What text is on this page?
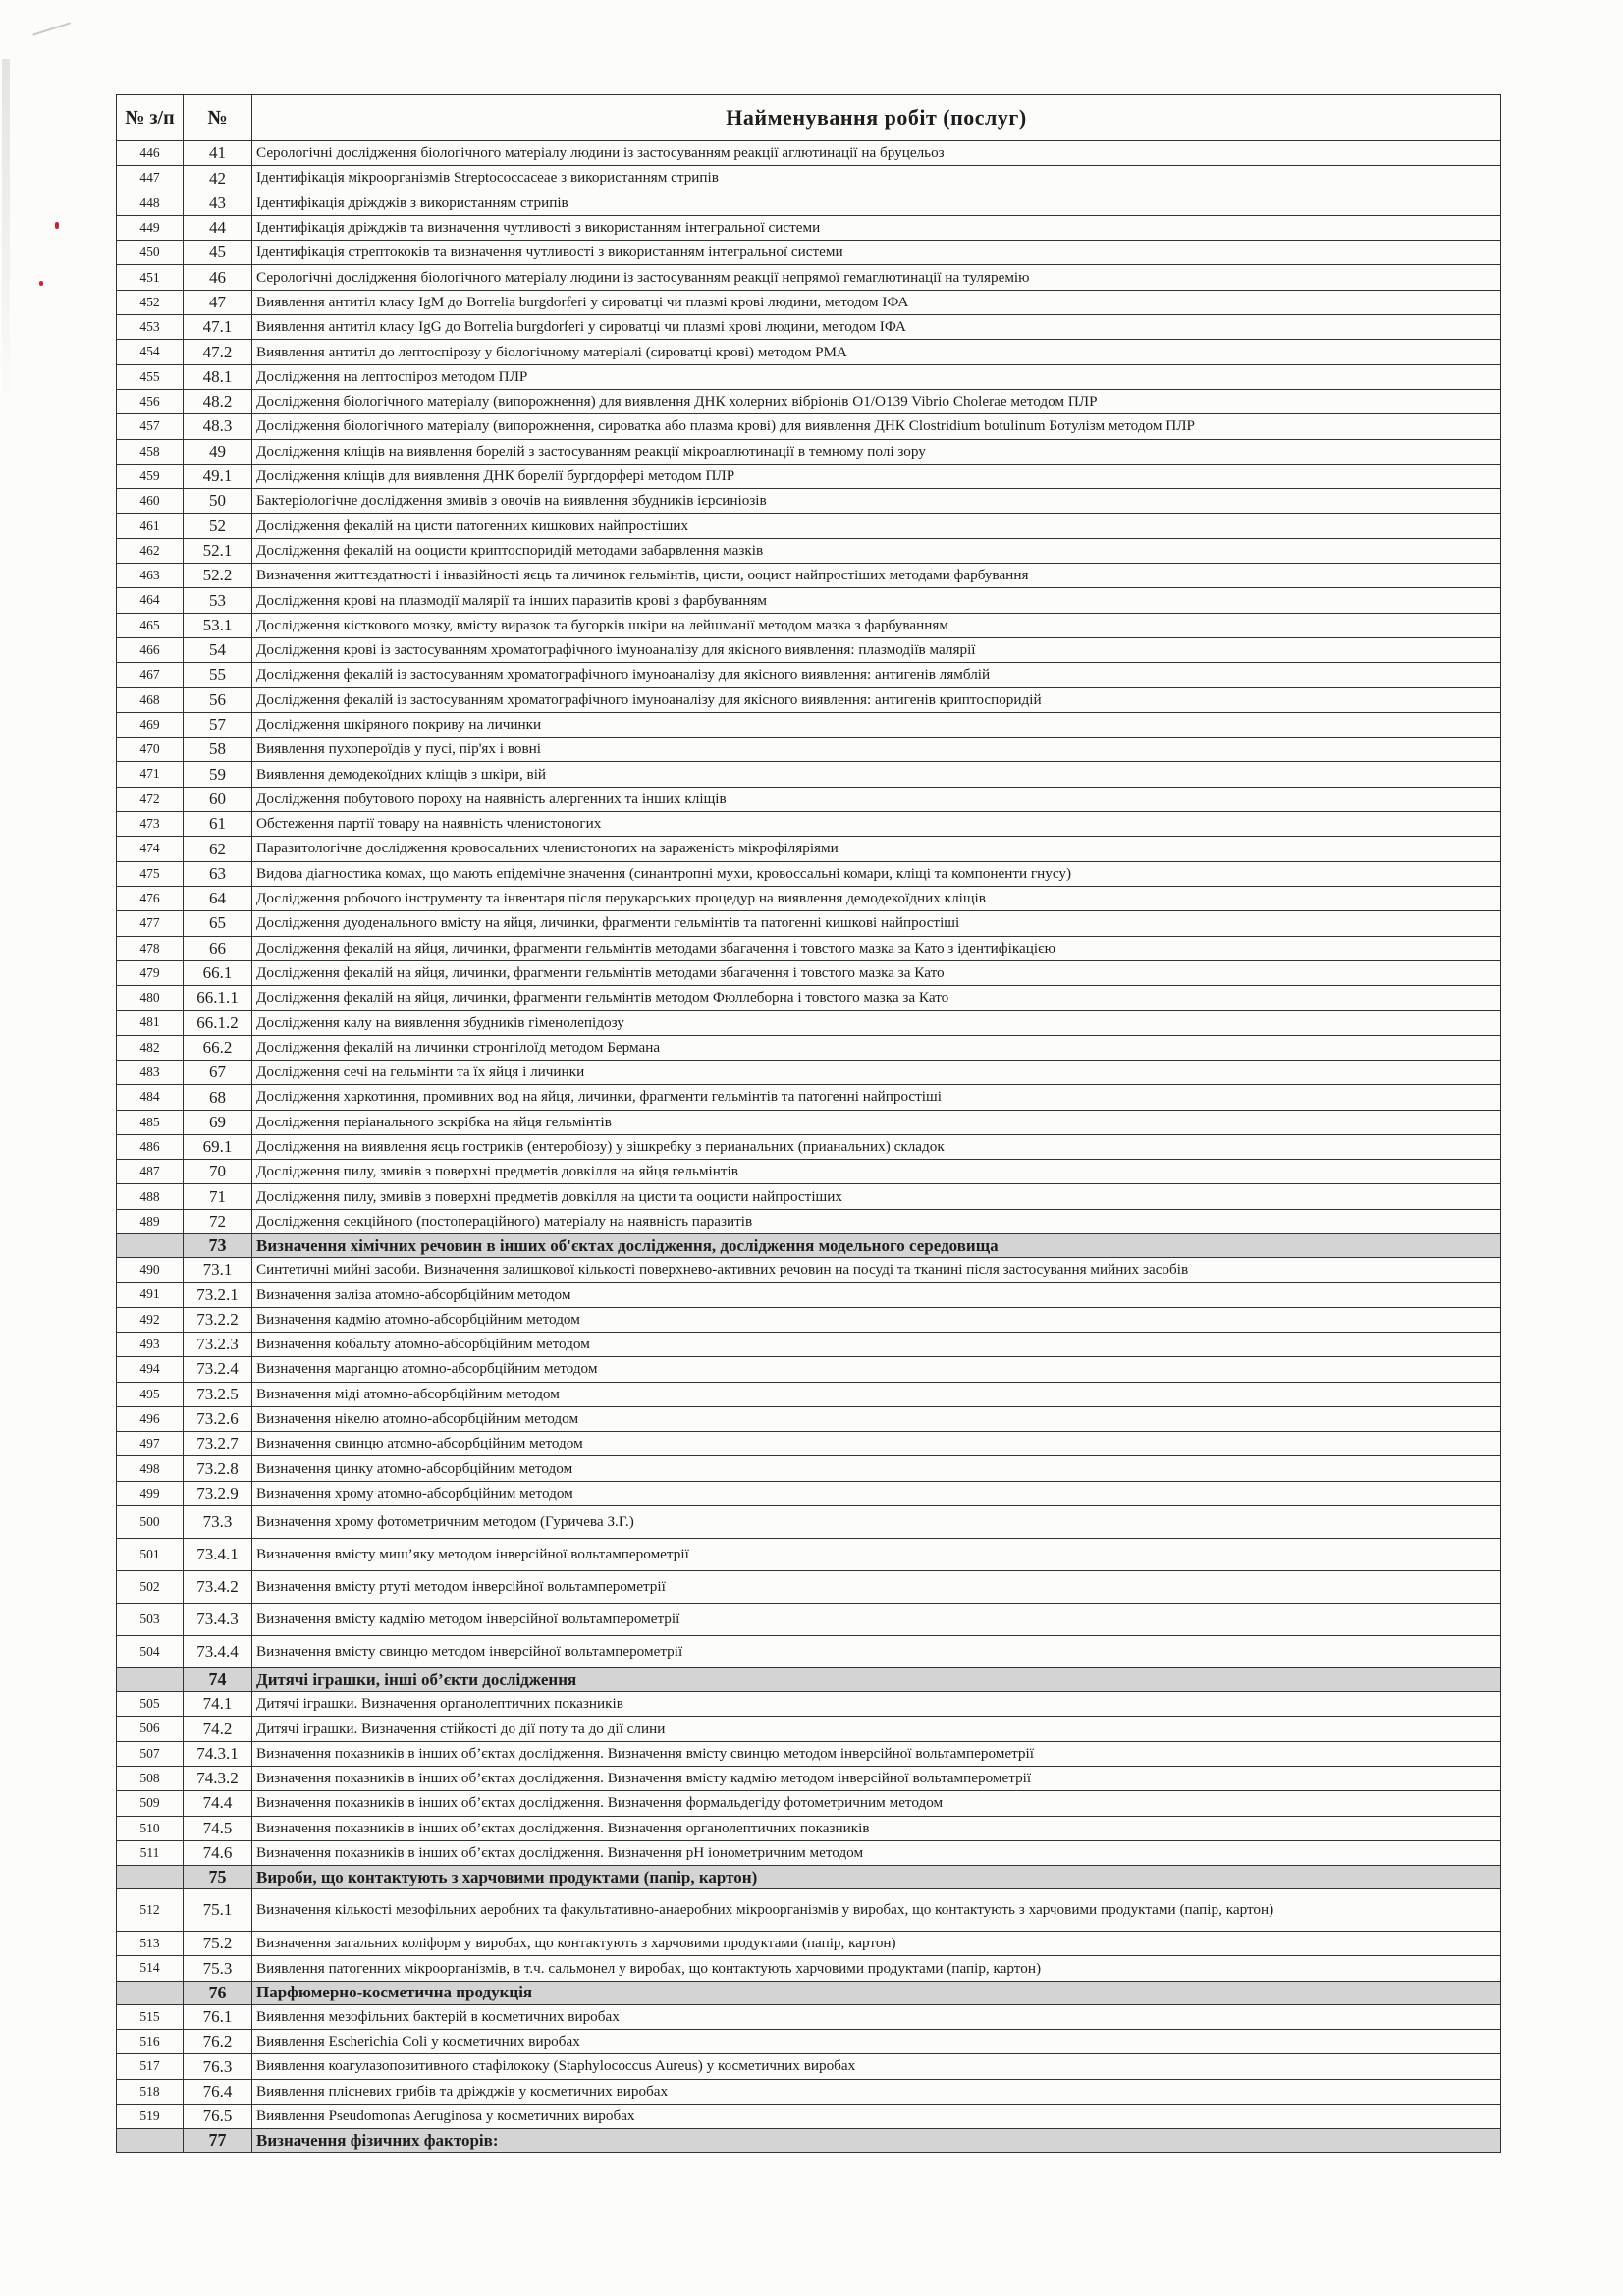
№ з/п	№	Найменування робіт (послуг)
446	41	Серологічні дослідження біологічного матеріалу людини із застосуванням реакції аглютинації на бруцельоз
447	42	Ідентифікація мікроорганізмів Streptococcaceae з використанням стрипів
448	43	Ідентифікація дріжджів з використанням стрипів
449	44	Ідентифікація дріжджів та визначення чутливості з використанням інтегральної системи
450	45	Ідентифікація стрептококів та визначення чутливості з використанням інтегральної системи
451	46	Серологічні дослідження біологічного матеріалу людини із застосуванням реакції непрямої гемаглютинації на туляремію
452	47	Виявлення антитіл класу IgM до Borrelia burgdorferi у сироватці чи плазмі крові людини, методом ІФА
453	47.1	Виявлення антитіл класу IgG до Borrelia burgdorferi у сироватці чи плазмі крові людини, методом ІФА
454	47.2	Виявлення антитіл до лептоспірозу у біологічному матеріалі (сироватці крові) методом РМА
455	48.1	Дослідження на лептоспіроз методом ПЛР
456	48.2	Дослідження біологічного матеріалу (випорожнення) для виявлення ДНК холерних вібріонів O1/O139 Vibrio Cholerae методом ПЛР
457	48.3	Дослідження біологічного матеріалу (випорожнення, сироватка або плазма крові) для виявлення ДНК Clostridium botulinum Ботулізм методом ПЛР
458	49	Дослідження кліщів на виявлення борелій з застосуванням реакції мікроаглютинації в темному полі зору
459	49.1	Дослідження кліщів для виявлення ДНК борелії бургдорфері методом ПЛР
460	50	Бактеріологічне дослідження змивів з овочів на виявлення збудників ієрсиніозів
461	52	Дослідження фекалій на цисти патогенних кишкових найпростіших
462	52.1	Дослідження фекалій на ооцисти криптоспоридій методами забарвлення мазків
463	52.2	Визначення життєздатності і інвазійності яєць та личинок гельмінтів, цисти, ооцист найпростіших методами фарбування
464	53	Дослідження крові на плазмодії малярії та інших паразитів крові з фарбуванням
465	53.1	Дослідження кісткового мозку, вмісту виразок та бугорків шкіри на лейшманії методом мазка з фарбуванням
466	54	Дослідження крові із застосуванням хроматографічного імуноаналізу для якісного виявлення: плазмодіїв малярії
467	55	Дослідження фекалій із застосуванням хроматографічного імуноаналізу для якісного виявлення: антигенів лямблій
468	56	Дослідження фекалій із застосуванням хроматографічного імуноаналізу для якісного виявлення: антигенів криптоспоридій
469	57	Дослідження шкіряного покриву на личинки
470	58	Виявлення пухопероїдів у пусі, пір'ях і вовні
471	59	Виявлення демодекоїдних кліщів з шкіри, вій
472	60	Дослідження побутового пороху на наявність алергенних та інших кліщів
473	61	Обстеження партії товару на наявність членистоногих
474	62	Паразитологічне дослідження кровосальних членистоногих на зараженість мікрофіляріями
475	63	Видова діагностика комах, що мають епідемічне значення (синантропні мухи, кровоссальні комари, кліщі та компоненти гнусу)
476	64	Дослідження робочого інструменту та інвентаря після перукарських процедур на виявлення демодекоїдних кліщів
477	65	Дослідження дуоденального вмісту на яйця, личинки, фрагменти гельмінтів та патогенні кишкові найпростіші
478	66	Дослідження фекалій на яйця, личинки, фрагменти гельмінтів методами збагачення і товстого мазка за Като з ідентифікацією
479	66.1	Дослідження фекалій на яйця, личинки, фрагменти гельмінтів методами збагачення і товстого мазка за Като
480	66.1.1	Дослідження фекалій на яйця, личинки, фрагменти гельмінтів методом Фюллеборна і товстого мазка за Като
481	66.1.2	Дослідження калу на виявлення збудників гіменолепідозу
482	66.2	Дослідження фекалій на личинки стронгілоїд методом Бермана
483	67	Дослідження сечі на гельмінти та їх яйця і личинки
484	68	Дослідження харкотиння, промивних вод на яйця, личинки, фрагменти гельмінтів та патогенні найпростіші
485	69	Дослідження періанального зскрібка на яйця гельмінтів
486	69.1	Дослідження на виявлення яєць гостриків (ентеробіозу) у зішкребку з перианальних (прианальних) складок
487	70	Дослідження пилу, змивів з поверхні предметів довкілля на яйця гельмінтів
488	71	Дослідження пилу, змивів з поверхні предметів довкілля на цисти та ооцисти найпростіших
489	72	Дослідження секційного (постопераційного) матеріалу на наявність паразитів
	73	Визначення хімічних речовин в інших об'єктах дослідження, дослідження модельного середовища
490	73.1	Синтетичні мийні засоби. Визначення залишкової кількості поверхнево-активних речовин на посуді та тканині після застосування мийних засобів
491	73.2.1	Визначення заліза атомно-абсорбційним методом
492	73.2.2	Визначення кадмію атомно-абсорбційним методом
493	73.2.3	Визначення кобальту атомно-абсорбційним методом
494	73.2.4	Визначення марганцю атомно-абсорбційним методом
495	73.2.5	Визначення міді атомно-абсорбційним методом
496	73.2.6	Визначення нікелю атомно-абсорбційним методом
497	73.2.7	Визначення свинцю атомно-абсорбційним методом
498	73.2.8	Визначення цинку атомно-абсорбційним методом
499	73.2.9	Визначення хрому атомно-абсорбційним методом
500	73.3	Визначення хрому фотометричним методом (Гуричева З.Г.)
501	73.4.1	Визначення вмісту миш’яку методом інверсійної вольтамперометрії
502	73.4.2	Визначення вмісту ртуті методом інверсійної вольтамперометрії
503	73.4.3	Визначення вмісту кадмію методом інверсійної вольтамперометрії
504	73.4.4	Визначення вмісту свинцю методом інверсійної вольтамперометрії
	74	Дитячі іграшки, інші об’єкти дослідження
505	74.1	Дитячі іграшки. Визначення органолептичних показників
506	74.2	Дитячі іграшки. Визначення стійкості до дії поту та до дії слини
507	74.3.1	Визначення показників в інших об’єктах дослідження. Визначення вмісту свинцю методом інверсійної вольтамперометрії
508	74.3.2	Визначення показників в інших об’єктах дослідження. Визначення вмісту кадмію методом інверсійної вольтамперометрії
509	74.4	Визначення показників в інших об’єктах дослідження. Визначення формальдегіду фотометричним методом
510	74.5	Визначення показників в інших об’єктах дослідження. Визначення органолептичних показників
511	74.6	Визначення показників в інших об’єктах дослідження. Визначення pH іонометричним методом
	75	Вироби, що контактують з харчовими продуктами (папір, картон)
512	75.1	Визначення кількості мезофільних аеробних та факультативно-анаеробних мікроорганізмів у виробах, що контактують з харчовими продуктами (папір, картон)
513	75.2	Визначення загальних коліформ у виробах, що контактують з харчовими продуктами (папір, картон)
514	75.3	Виявлення патогенних мікроорганізмів, в т.ч. сальмонел у виробах, що контактують харчовими продуктами (папір, картон)
	76	Парфюмерно-косметична продукція
515	76.1	Виявлення мезофільних бактерій в косметичних виробах
516	76.2	Виявлення Escherichia Coli у косметичних виробах
517	76.3	Виявлення коагулазопозитивного стафілококу (Staphylococcus Aureus) у косметичних виробах
518	76.4	Виявлення плісневих грибів та дріжджів у косметичних виробах
519	76.5	Виявлення Pseudomonas Aeruginosa у косметичних виробах
	77	Визначення фізичних факторів:
